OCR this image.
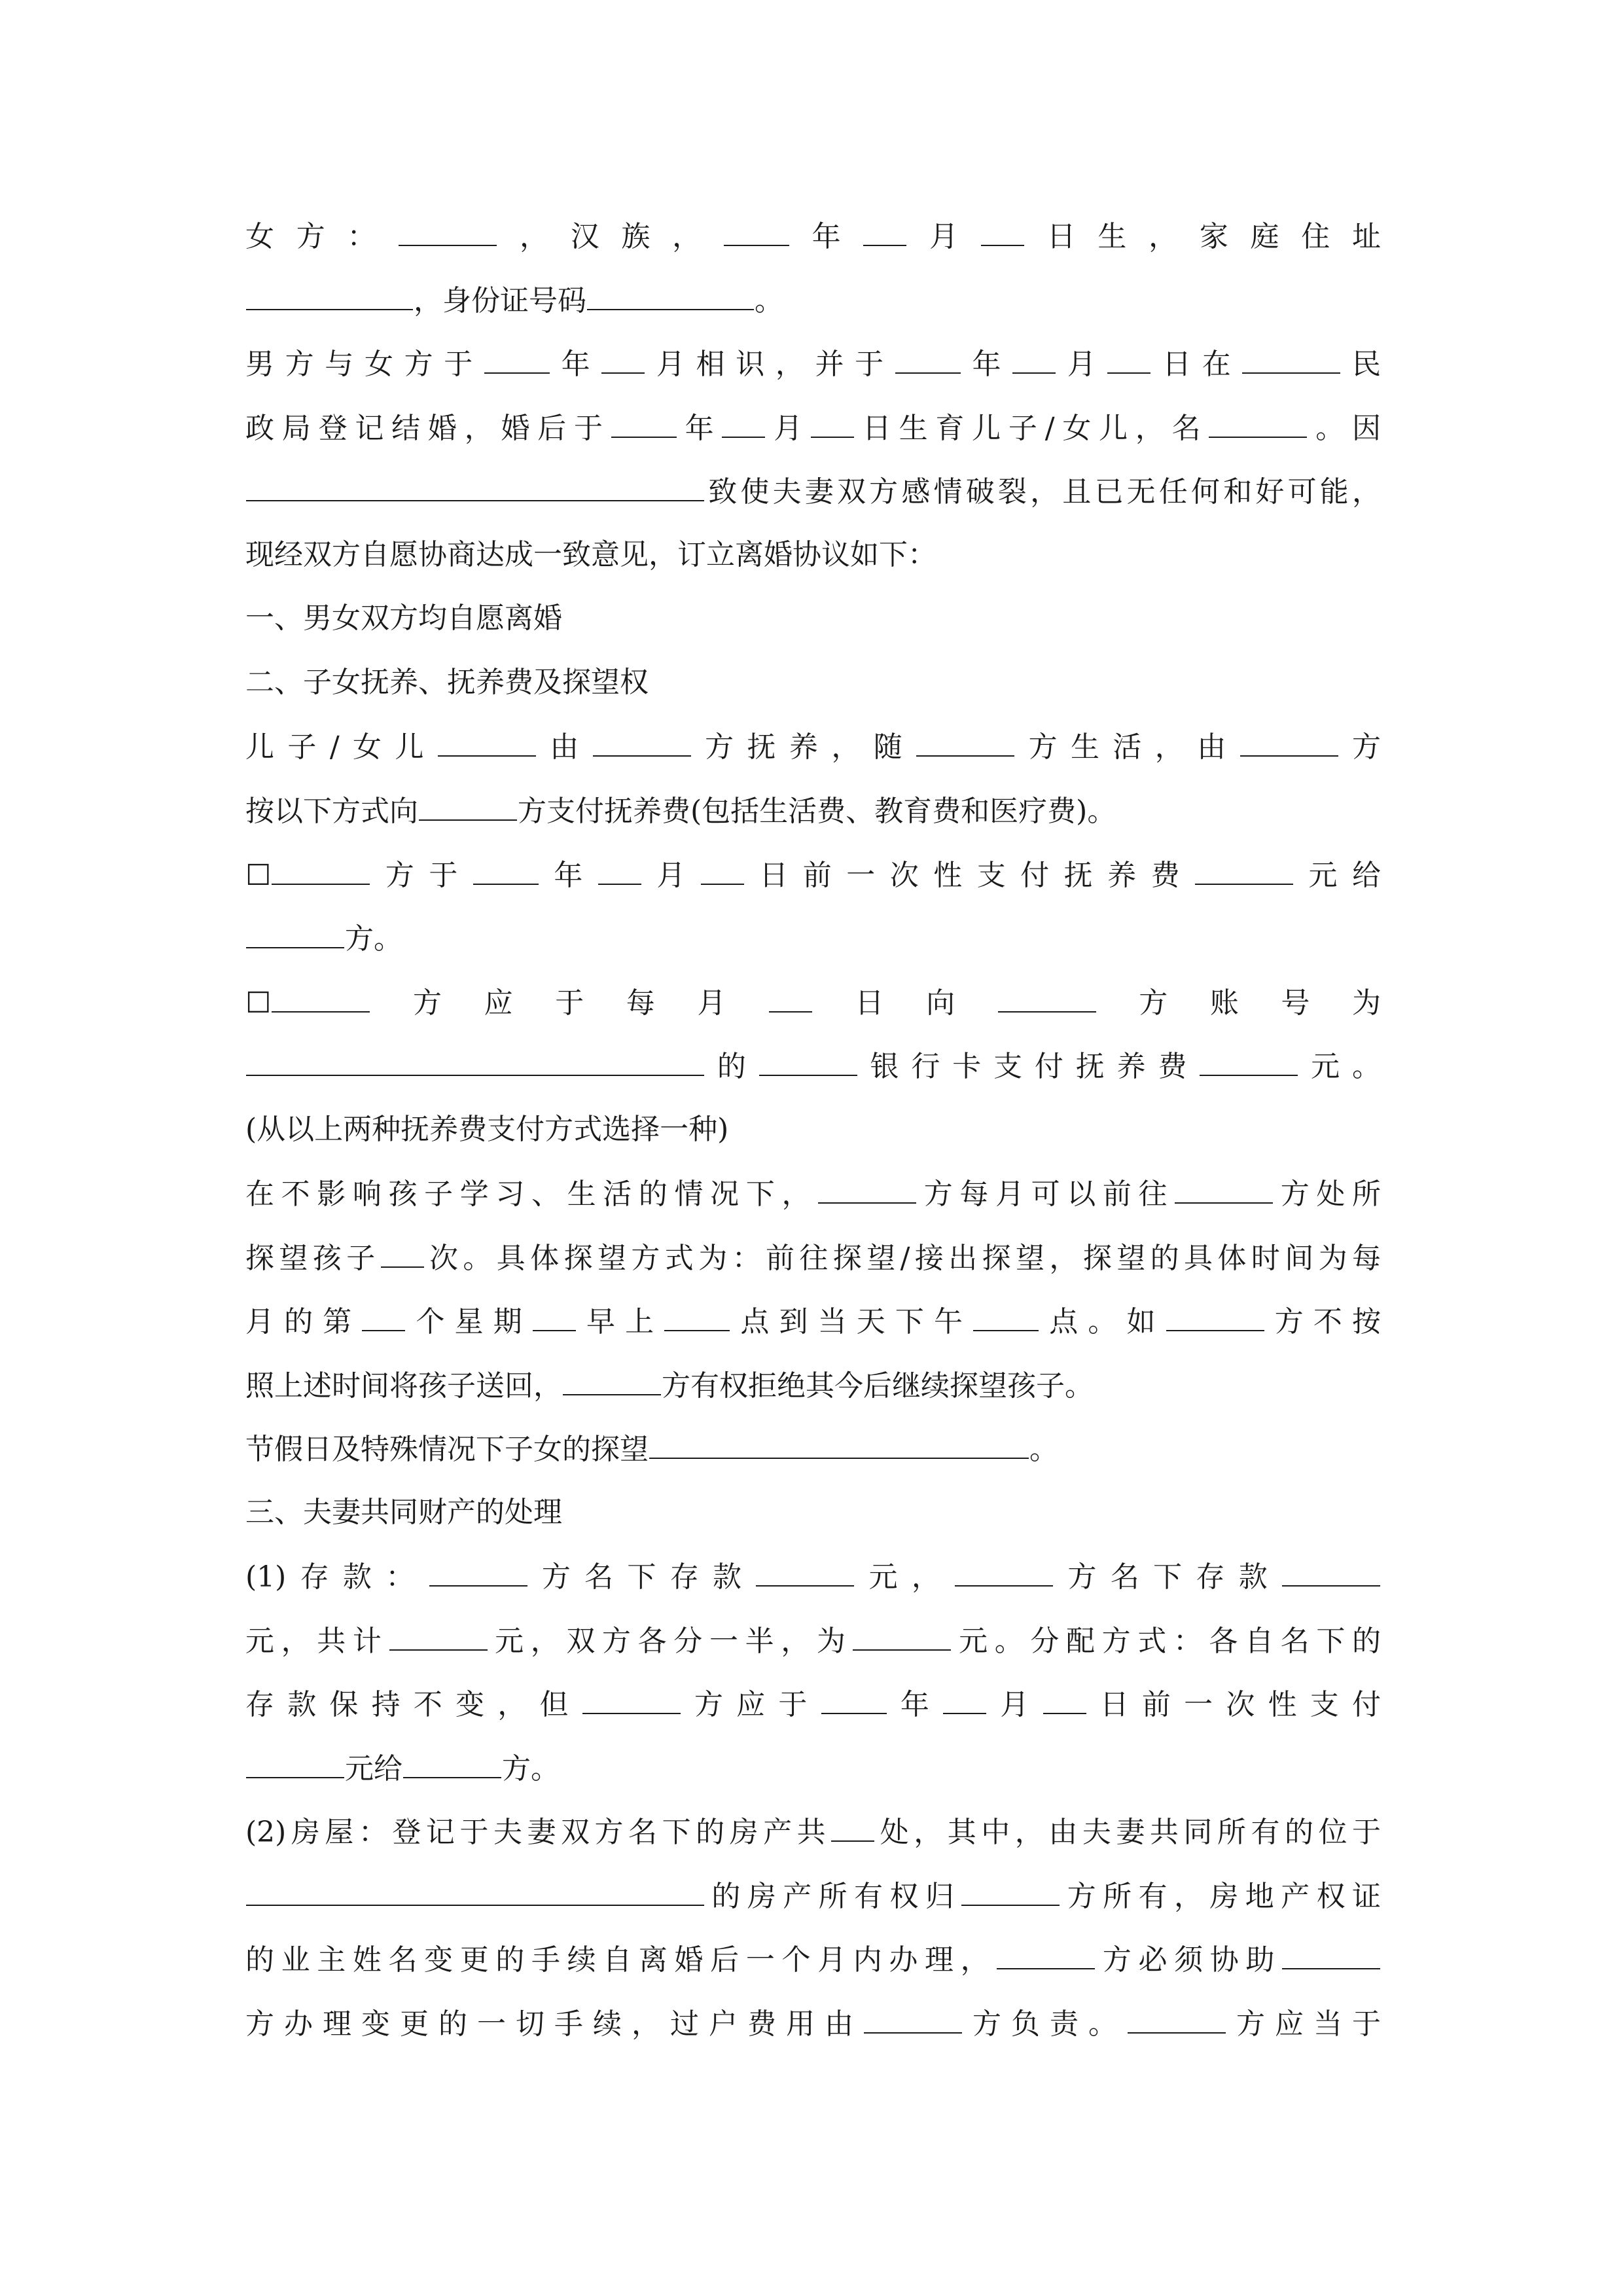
女方：	，汉族， 年 月 日生，家庭住址
，身份证号码	。
男方与女方于 年 月相识，并于 年 月 日在	民
政局登记结婚，婚后于 年 月 日生育儿子/女儿，名	。因
致使夫妻双方感情破裂，且已无任何和好可能，
现经双方自愿协商达成一致意见，订立离婚协议如下：
一、男女双方均自愿离婚
二、子女抚养、抚养费及探望权
儿子/女儿	由	方抚养，随	方生活，由	方
按以下方式向	方支付抚养费(包括生活费、教育费和医疗费)。
☐	方于 年 月 日前一次性支付抚养费	元给
方。
☐	方应于每月 日向	方账号为
的	银行卡支付抚养费	元。
(从以上两种抚养费支付方式选择一种)
在不影响孩子学习、生活的情况下，	方每月可以前往	方处所
探望孩子 次。具体探望方式为：前往探望/接出探望，探望的具体时间为每
月的第 个星期 早上 点到当天下午 点。如	方不按
照上述时间将孩子送回，	方有权拒绝其今后继续探望孩子。
节假日及特殊情况下子女的探望	。
三、夫妻共同财产的处理
(1)存款：	方名下存款	元，	方名下存款
元，共计	元，双方各分一半，为	元。分配方式：各自名下的
存款保持不变，但	方应于 年 月 日前一次性支付
元给	方。
(2)房屋：登记于夫妻双方名下的房产共 处，其中，由夫妻共同所有的位于
的房产所有权归	方所有，房地产权证
的业主姓名变更的手续自离婚后一个月内办理，	方必须协助
方办理变更的一切手续，过户费用由	方负责。	方应当于
